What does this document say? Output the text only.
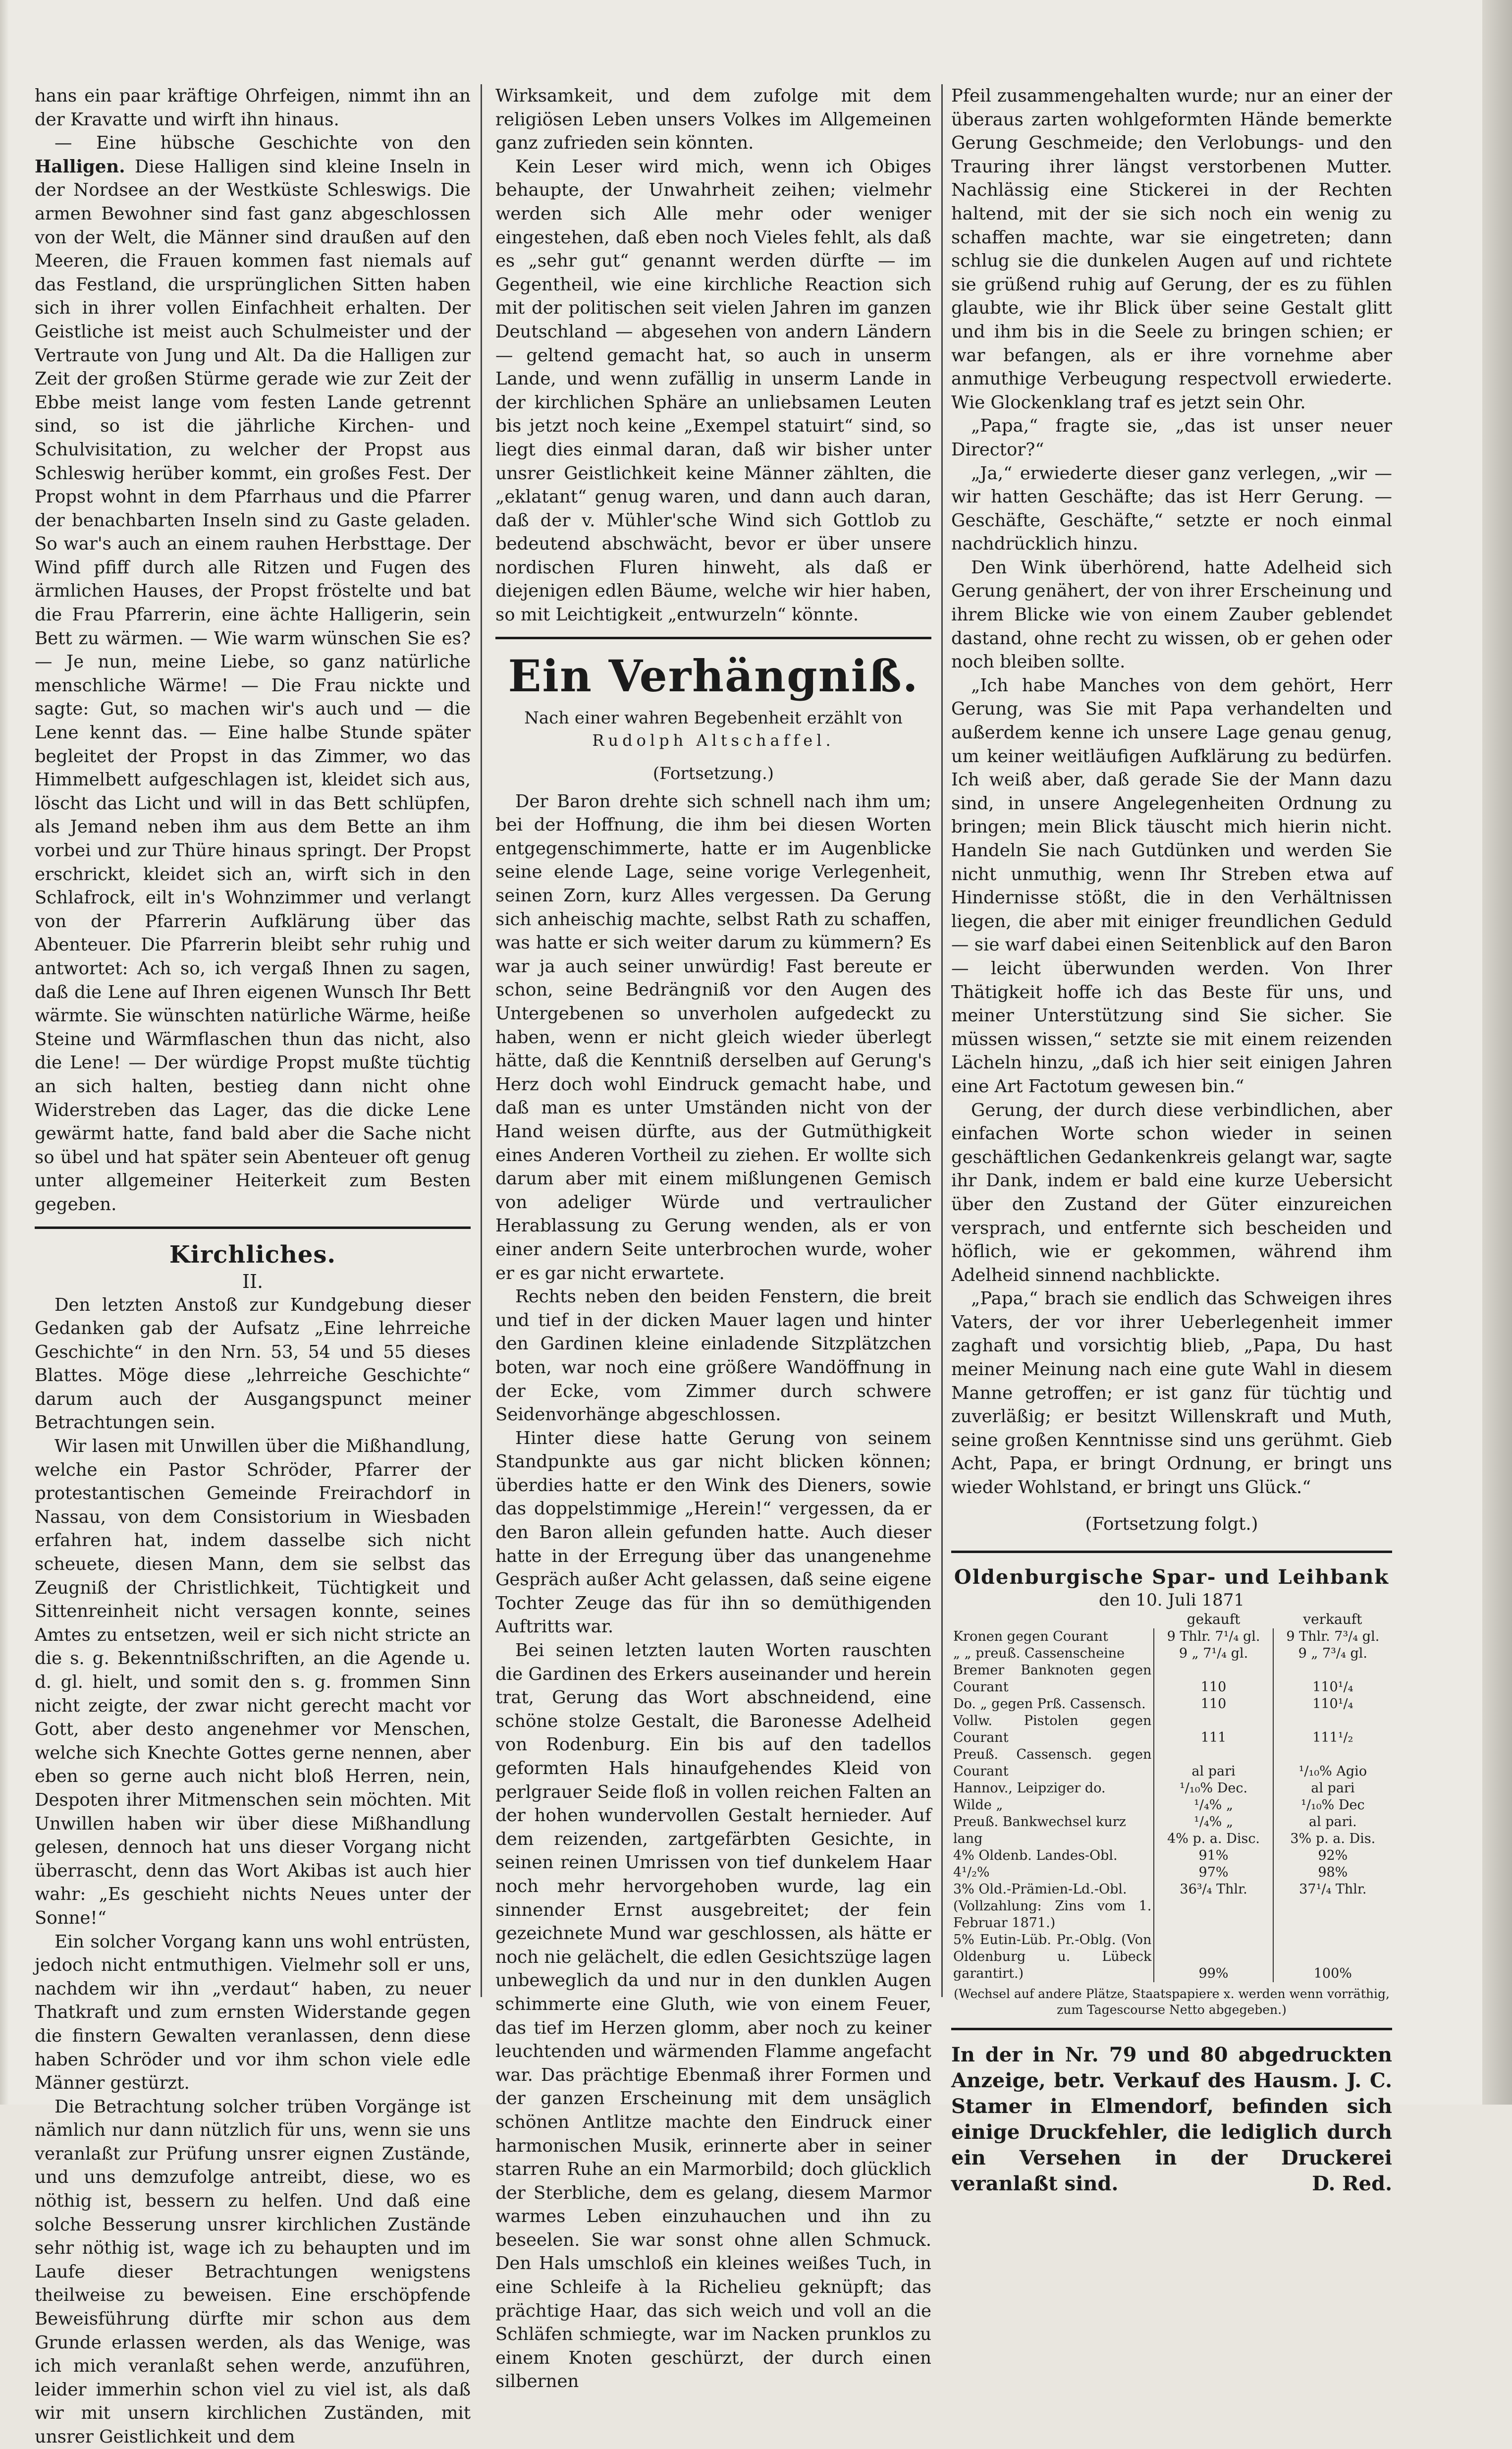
hans ein paar kräftige Ohrfeigen, nimmt ihn an der Kravatte und wirft ihn hinaus.

— Eine hübsche Geschichte von den Halligen. Diese Halligen sind kleine Inseln in der Nordsee an der Westküste Schleswigs. Die armen Bewohner sind fast ganz abgeschlossen von der Welt, die Männer sind draußen auf den Meeren, die Frauen kommen fast niemals auf das Festland, die ursprünglichen Sitten haben sich in ihrer vollen Einfachheit erhalten. Der Geistliche ist meist auch Schulmeister und der Vertraute von Jung und Alt. Da die Halligen zur Zeit der großen Stürme gerade wie zur Zeit der Ebbe meist lange vom festen Lande getrennt sind, so ist die jährliche Kirchen- und Schulvisitation, zu welcher der Propst aus Schleswig herüber kommt, ein großes Fest. Der Propst wohnt in dem Pfarrhaus und die Pfarrer der benachbarten Inseln sind zu Gaste geladen. So war's auch an einem rauhen Herbsttage. Der Wind pfiff durch alle Ritzen und Fugen des ärmlichen Hauses, der Propst fröstelte und bat die Frau Pfarrerin, eine ächte Halligerin, sein Bett zu wärmen. — Wie warm wünschen Sie es? — Je nun, meine Liebe, so ganz natürliche menschliche Wärme! — Die Frau nickte und sagte: Gut, so machen wir's auch und — die Lene kennt das. — Eine halbe Stunde später begleitet der Propst in das Zimmer, wo das Himmelbett aufgeschlagen ist, kleidet sich aus, löscht das Licht und will in das Bett schlüpfen, als Jemand neben ihm aus dem Bette an ihm vorbei und zur Thüre hinaus springt. Der Propst erschrickt, kleidet sich an, wirft sich in den Schlafrock, eilt in's Wohnzimmer und verlangt von der Pfarrerin Aufklärung über das Abenteuer. Die Pfarrerin bleibt sehr ruhig und antwortet: Ach so, ich vergaß Ihnen zu sagen, daß die Lene auf Ihren eigenen Wunsch Ihr Bett wärmte. Sie wünschten natürliche Wärme, heiße Steine und Wärmflaschen thun das nicht, also die Lene! — Der würdige Propst mußte tüchtig an sich halten, bestieg dann nicht ohne Widerstreben das Lager, das die dicke Lene gewärmt hatte, fand bald aber die Sache nicht so übel und hat später sein Abenteuer oft genug unter allgemeiner Heiterkeit zum Besten gegeben.

Kirchliches.
II.

Den letzten Anstoß zur Kundgebung dieser Gedanken gab der Aufsatz „Eine lehrreiche Geschichte“ in den Nrn. 53, 54 und 55 dieses Blattes. Möge diese „lehrreiche Geschichte“ darum auch der Ausgangspunct meiner Betrachtungen sein.

Wir lasen mit Unwillen über die Mißhandlung, welche ein Pastor Schröder, Pfarrer der protestantischen Gemeinde Freirachdorf in Nassau, von dem Consistorium in Wiesbaden erfahren hat, indem dasselbe sich nicht scheuete, diesen Mann, dem sie selbst das Zeugniß der Christlichkeit, Tüchtigkeit und Sittenreinheit nicht versagen konnte, seines Amtes zu entsetzen, weil er sich nicht stricte an die s. g. Bekenntnißschriften, an die Agende u. d. gl. hielt, und somit den s. g. frommen Sinn nicht zeigte, der zwar nicht gerecht macht vor Gott, aber desto angenehmer vor Menschen, welche sich Knechte Gottes gerne nennen, aber eben so gerne auch nicht bloß Herren, nein, Despoten ihrer Mitmenschen sein möchten. Mit Unwillen haben wir über diese Mißhandlung gelesen, dennoch hat uns dieser Vorgang nicht überrascht, denn das Wort Akibas ist auch hier wahr: „Es geschieht nichts Neues unter der Sonne!“

Ein solcher Vorgang kann uns wohl entrüsten, jedoch nicht entmuthigen. Vielmehr soll er uns, nachdem wir ihn „verdaut“ haben, zu neuer Thatkraft und zum ernsten Widerstande gegen die finstern Gewalten veranlassen, denn diese haben Schröder und vor ihm schon viele edle Männer gestürzt.

Die Betrachtung solcher trüben Vorgänge ist nämlich nur dann nützlich für uns, wenn sie uns veranlaßt zur Prüfung unsrer eignen Zustände, und uns demzufolge antreibt, diese, wo es nöthig ist, bessern zu helfen. Und daß eine solche Besserung unsrer kirchlichen Zustände sehr nöthig ist, wage ich zu behaupten und im Laufe dieser Betrachtungen wenigstens theilweise zu beweisen. Eine erschöpfende Beweisführung dürfte mir schon aus dem Grunde erlassen werden, als das Wenige, was ich mich veranlaßt sehen werde, anzuführen, leider immerhin schon viel zu viel ist, als daß wir mit unsern kirchlichen Zuständen, mit unsrer Geistlichkeit und dem

Wirksamkeit, und dem zufolge mit dem religiösen Leben unsers Volkes im Allgemeinen ganz zufrieden sein könnten.

Kein Leser wird mich, wenn ich Obiges behaupte, der Unwahrheit zeihen; vielmehr werden sich Alle mehr oder weniger eingestehen, daß eben noch Vieles fehlt, als daß es „sehr gut“ genannt werden dürfte — im Gegentheil, wie eine kirchliche Reaction sich mit der politischen seit vielen Jahren im ganzen Deutschland — abgesehen von andern Ländern — geltend gemacht hat, so auch in unserm Lande, und wenn zufällig in unserm Lande in der kirchlichen Sphäre an unliebsamen Leuten bis jetzt noch keine „Exempel statuirt“ sind, so liegt dies einmal daran, daß wir bisher unter unsrer Geistlichkeit keine Männer zählten, die „eklatant“ genug waren, und dann auch daran, daß der v. Mühler'sche Wind sich Gottlob zu bedeutend abschwächt, bevor er über unsere nordischen Fluren hinweht, als daß er diejenigen edlen Bäume, welche wir hier haben, so mit Leichtigkeit „entwurzeln“ könnte.

Ein Verhängniß.
Nach einer wahren Begebenheit erzählt von
Rudolph Altschaffel.
(Fortsetzung.)

Der Baron drehte sich schnell nach ihm um; bei der Hoffnung, die ihm bei diesen Worten entgegenschimmerte, hatte er im Augenblicke seine elende Lage, seine vorige Verlegenheit, seinen Zorn, kurz Alles vergessen. Da Gerung sich anheischig machte, selbst Rath zu schaffen, was hatte er sich weiter darum zu kümmern? Es war ja auch seiner unwürdig! Fast bereute er schon, seine Bedrängniß vor den Augen des Untergebenen so unverholen aufgedeckt zu haben, wenn er nicht gleich wieder überlegt hätte, daß die Kenntniß derselben auf Gerung's Herz doch wohl Eindruck gemacht habe, und daß man es unter Umständen nicht von der Hand weisen dürfte, aus der Gutmüthigkeit eines Anderen Vortheil zu ziehen. Er wollte sich darum aber mit einem mißlungenen Gemisch von adeliger Würde und vertraulicher Herablassung zu Gerung wenden, als er von einer andern Seite unterbrochen wurde, woher er es gar nicht erwartete.

Rechts neben den beiden Fenstern, die breit und tief in der dicken Mauer lagen und hinter den Gardinen kleine einladende Sitzplätzchen boten, war noch eine größere Wandöffnung in der Ecke, vom Zimmer durch schwere Seidenvorhänge abgeschlossen.

Hinter diese hatte Gerung von seinem Standpunkte aus gar nicht blicken können; überdies hatte er den Wink des Dieners, sowie das doppelstimmige „Herein!“ vergessen, da er den Baron allein gefunden hatte. Auch dieser hatte in der Erregung über das unangenehme Gespräch außer Acht gelassen, daß seine eigene Tochter Zeuge das für ihn so demüthigenden Auftritts war.

Bei seinen letzten lauten Worten rauschten die Gardinen des Erkers auseinander und herein trat, Gerung das Wort abschneidend, eine schöne stolze Gestalt, die Baronesse Adelheid von Rodenburg. Ein bis auf den tadellos geformten Hals hinaufgehendes Kleid von perlgrauer Seide floß in vollen reichen Falten an der hohen wundervollen Gestalt hernieder. Auf dem reizenden, zartgefärbten Gesichte, in seinen reinen Umrissen von tief dunkelem Haar noch mehr hervorgehoben wurde, lag ein sinnender Ernst ausgebreitet; der fein gezeichnete Mund war geschlossen, als hätte er noch nie gelächelt, die edlen Gesichtszüge lagen unbeweglich da und nur in den dunklen Augen schimmerte eine Gluth, wie von einem Feuer, das tief im Herzen glomm, aber noch zu keiner leuchtenden und wärmenden Flamme angefacht war. Das prächtige Ebenmaß ihrer Formen und der ganzen Erscheinung mit dem unsäglich schönen Antlitze machte den Eindruck einer harmonischen Musik, erinnerte aber in seiner starren Ruhe an ein Marmorbild; doch glücklich der Sterbliche, dem es gelang, diesem Marmor warmes Leben einzuhauchen und ihn zu beseelen. Sie war sonst ohne allen Schmuck. Den Hals umschloß ein kleines weißes Tuch, in eine Schleife à la Richelieu geknüpft; das prächtige Haar, das sich weich und voll an die Schläfen schmiegte, war im Nacken prunklos zu einem Knoten geschürzt, der durch einen silbernen

Pfeil zusammengehalten wurde; nur an einer der überaus zarten wohlgeformten Hände bemerkte Gerung Geschmeide; den Verlobungs- und den Trauring ihrer längst verstorbenen Mutter. Nachlässig eine Stickerei in der Rechten haltend, mit der sie sich noch ein wenig zu schaffen machte, war sie eingetreten; dann schlug sie die dunkelen Augen auf und richtete sie grüßend ruhig auf Gerung, der es zu fühlen glaubte, wie ihr Blick über seine Gestalt glitt und ihm bis in die Seele zu bringen schien; er war befangen, als er ihre vornehme aber anmuthige Verbeugung respectvoll erwiederte. Wie Glockenklang traf es jetzt sein Ohr.

„Papa,“ fragte sie, „das ist unser neuer Director?“

„Ja,“ erwiederte dieser ganz verlegen, „wir — wir hatten Geschäfte; das ist Herr Gerung. — Geschäfte, Geschäfte,“ setzte er noch einmal nachdrücklich hinzu.

Den Wink überhörend, hatte Adelheid sich Gerung genähert, der von ihrer Erscheinung und ihrem Blicke wie von einem Zauber geblendet dastand, ohne recht zu wissen, ob er gehen oder noch bleiben sollte.

„Ich habe Manches von dem gehört, Herr Gerung, was Sie mit Papa verhandelten und außerdem kenne ich unsere Lage genau genug, um keiner weitläufigen Aufklärung zu bedürfen. Ich weiß aber, daß gerade Sie der Mann dazu sind, in unsere Angelegenheiten Ordnung zu bringen; mein Blick täuscht mich hierin nicht. Handeln Sie nach Gutdünken und werden Sie nicht unmuthig, wenn Ihr Streben etwa auf Hindernisse stößt, die in den Verhältnissen liegen, die aber mit einiger freundlichen Geduld — sie warf dabei einen Seitenblick auf den Baron — leicht überwunden werden. Von Ihrer Thätigkeit hoffe ich das Beste für uns, und meiner Unterstützung sind Sie sicher. Sie müssen wissen,“ setzte sie mit einem reizenden Lächeln hinzu, „daß ich hier seit einigen Jahren eine Art Factotum gewesen bin.“

Gerung, der durch diese verbindlichen, aber einfachen Worte schon wieder in seinen geschäftlichen Gedankenkreis gelangt war, sagte ihr Dank, indem er bald eine kurze Uebersicht über den Zustand der Güter einzureichen versprach, und entfernte sich bescheiden und höflich, wie er gekommen, während ihm Adelheid sinnend nachblickte.

„Papa,“ brach sie endlich das Schweigen ihres Vaters, der vor ihrer Ueberlegenheit immer zaghaft und vorsichtig blieb, „Papa, Du hast meiner Meinung nach eine gute Wahl in diesem Manne getroffen; er ist ganz für tüchtig und zuverläßig; er besitzt Willenskraft und Muth, seine großen Kenntnisse sind uns gerühmt. Gieb Acht, Papa, er bringt Ordnung, er bringt uns wieder Wohlstand, er bringt uns Glück.“

(Fortsetzung folgt.)
Oldenburgische Spar- und Leihbank
den 10. Juli 1871
	gekauft	verkauft
Kronen gegen Courant	9 Thlr. 7¹/₄ gl.	9 Thlr. 7³/₄ gl.
„ „ preuß. Cassenscheine	9 „ 7¹/₄ gl.	9 „ 7³/₄ gl.
Bremer Banknoten gegen Courant	110	110¹/₄
Do. „ gegen Prß. Cassensch.	110	110¹/₄
Vollw. Pistolen gegen Courant	111	111¹/₂
Preuß. Cassensch. gegen Courant	al pari	¹/₁₀% Agio
Hannov., Leipziger do.	¹/₁₀% Dec.	al pari
Wilde „	¹/₄% „	¹/₁₀% Dec
Preuß. Bankwechsel kurz	¹/₄% „	al pari.
lang	4% p. a. Disc.	3% p. a. Dis.
4% Oldenb. Landes-Obl.	91%	92%
4¹/₂%	97%	98%
3% Old.-Prämien-Ld.-Obl.	36³/₄ Thlr.	37¹/₄ Thlr.
(Vollzahlung: Zins vom 1. Februar 1871.)		
5% Eutin-Lüb. Pr.-Oblg. (Von Oldenburg u. Lübeck garantirt.)	99%	100%
(Wechsel auf andere Plätze, Staatspapiere x. werden wenn vorräthig, zum Tagescourse Netto abgegeben.)
In der in Nr. 79 und 80 abgedruckten Anzeige, betr. Verkauf des Hausm. J. C. Stamer in Elmendorf, befinden sich einige Druckfehler, die lediglich durch ein Versehen in der Druckerei veranlaßt sind.	D. Red.
